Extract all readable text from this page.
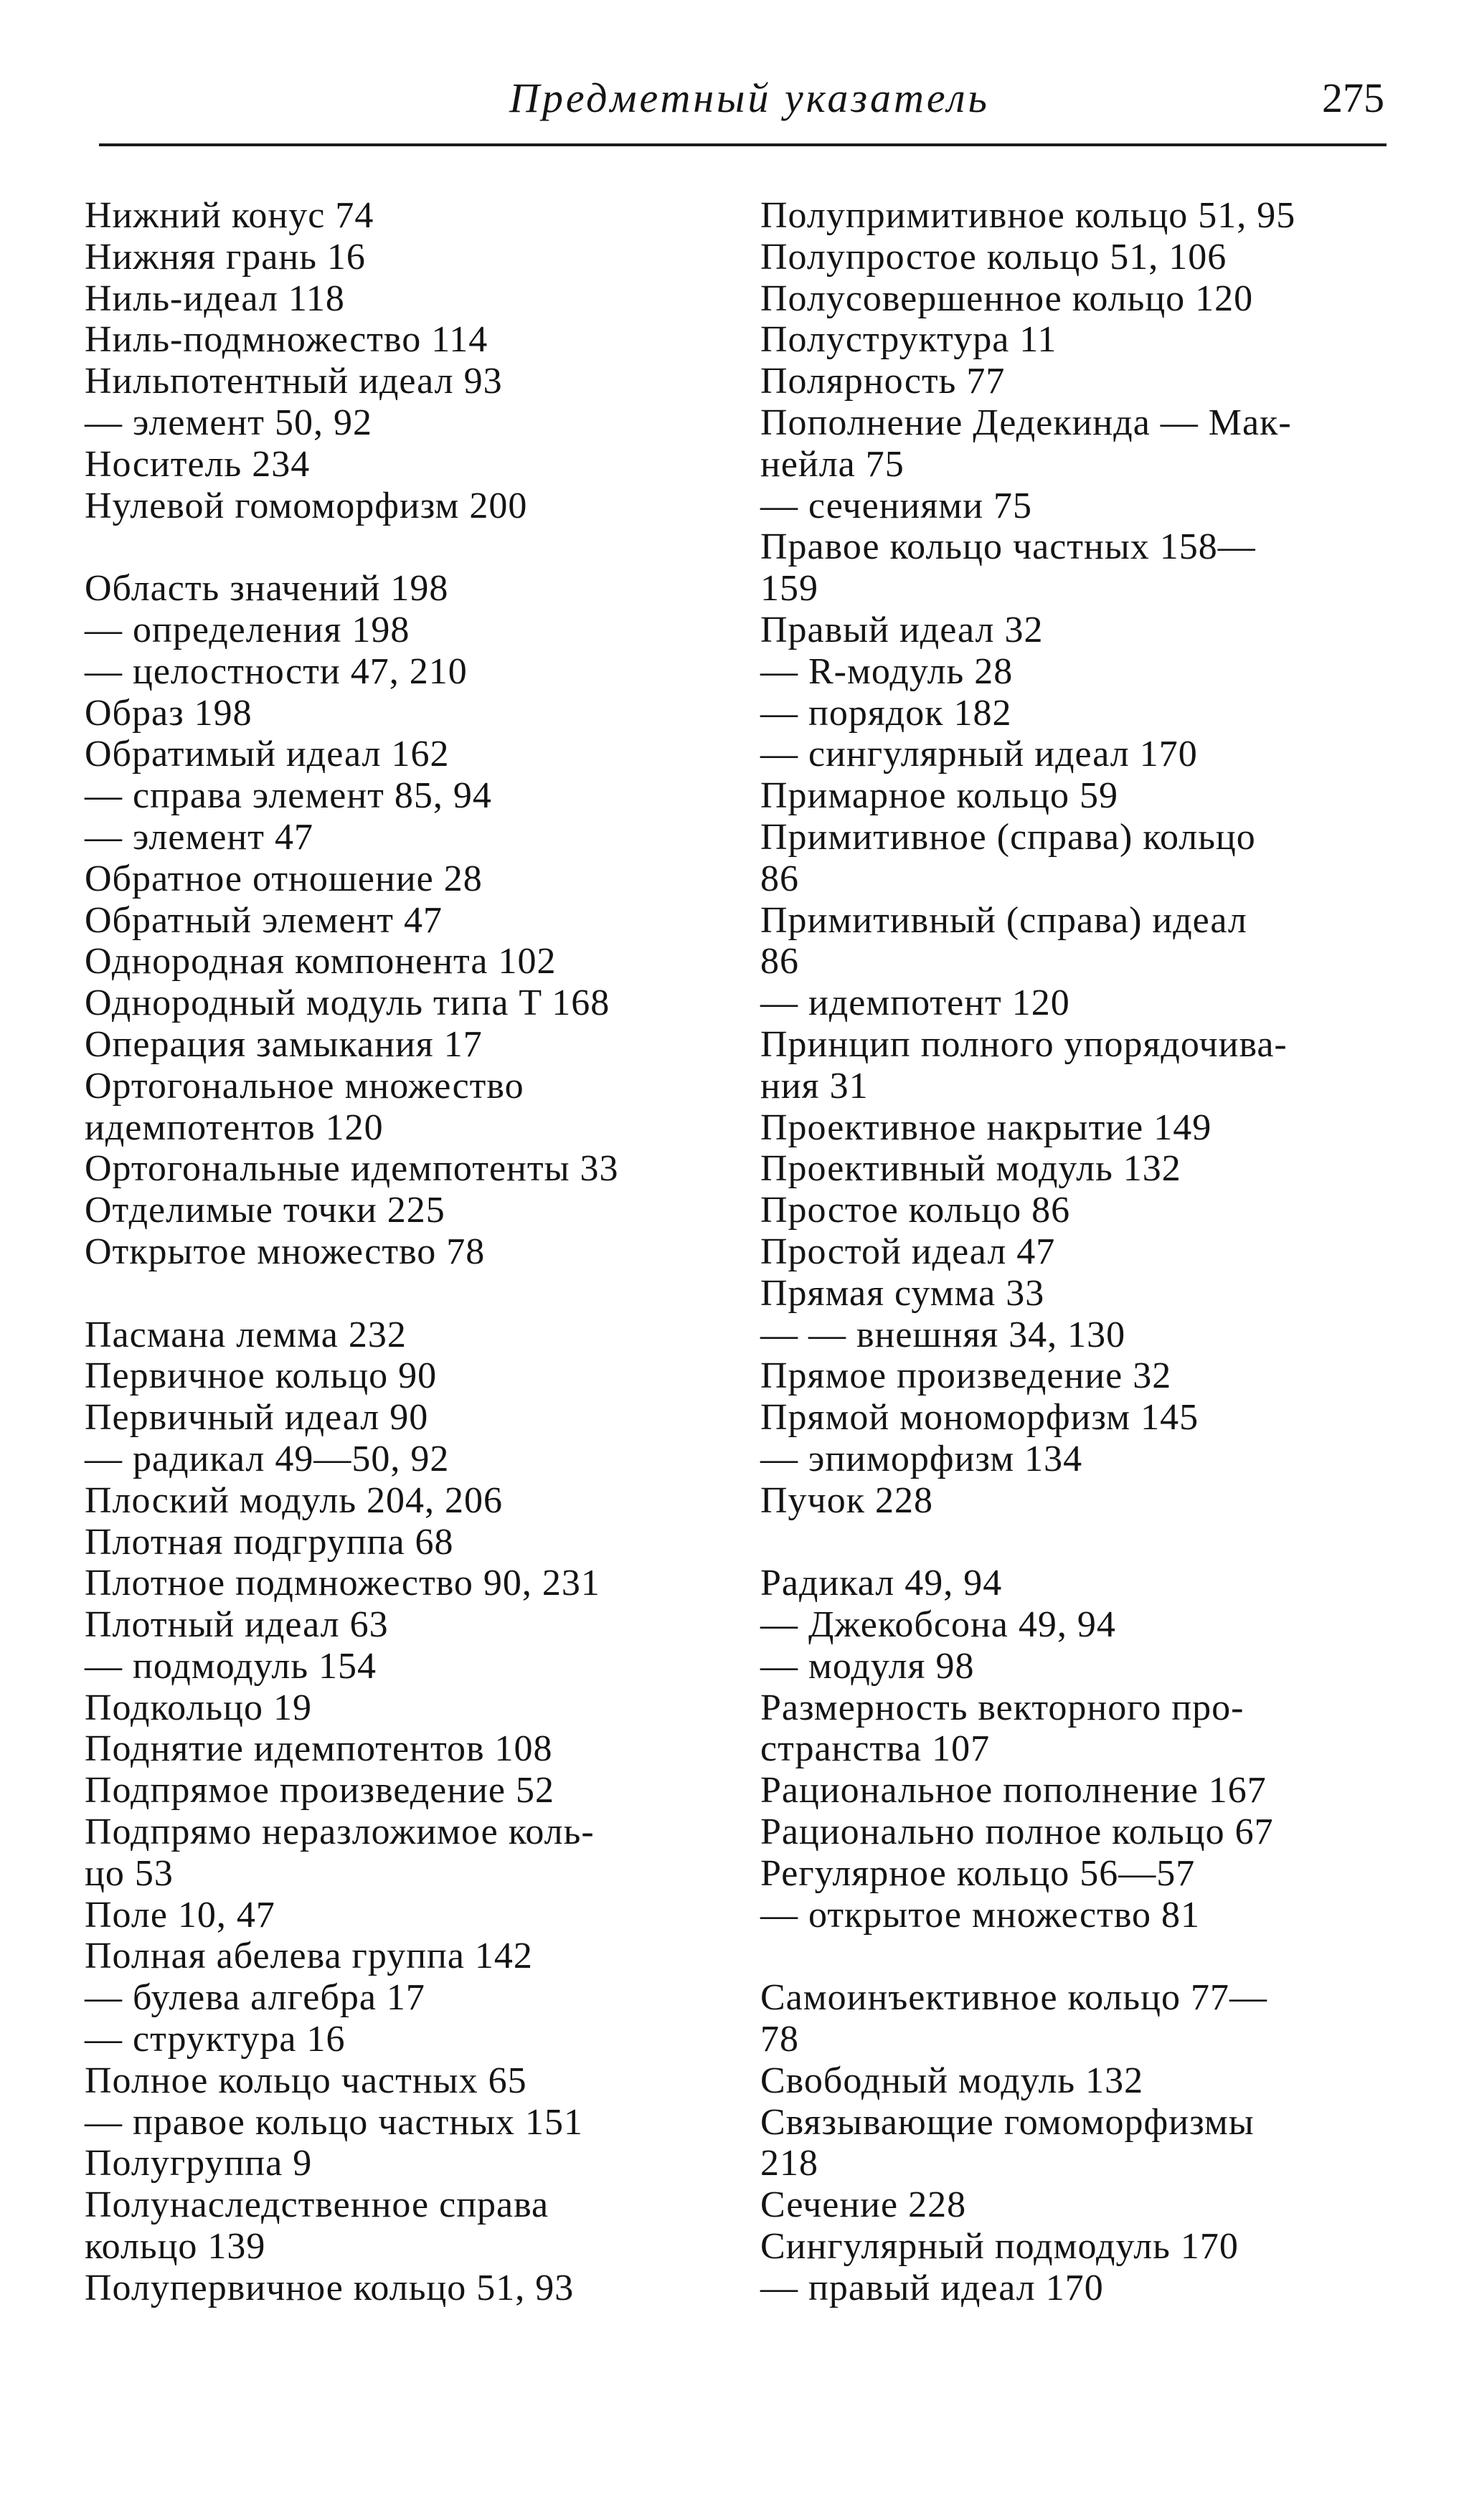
Предметный указатель	275
Нижний конус 74
Нижняя грань 16
Ниль-идеал 118
Ниль-подмножество 114
Нильпотентный идеал 93
— элемент 50, 92
Носитель 234
Нулевой гомоморфизм 200
Область значений 198
— определения 198
— целостности 47, 210
Образ 198
Обратимый идеал 162
— справа элемент 85, 94
— элемент 47
Обратное отношение 28
Обратный элемент 47
Однородная компонента 102
Однородный модуль типа T 168
Операция замыкания 17
Ортогональное множество
идемпотентов 120
Ортогональные идемпотенты 33
Отделимые точки 225
Открытое множество 78
Пасмана лемма 232
Первичное кольцо 90
Первичный идеал 90
— радикал 49—50, 92
Плоский модуль 204, 206
Плотная подгруппа 68
Плотное подмножество 90, 231
Плотный идеал 63
— подмодуль 154
Подкольцо 19
Поднятие идемпотентов 108
Подпрямое произведение 52
Подпрямо неразложимое коль-
цо 53
Поле 10, 47
Полная абелева группа 142
— булева алгебра 17
— структура 16
Полное кольцо частных 65
— правое кольцо частных 151
Полугруппа 9
Полунаследственное справа
кольцо 139
Полупервичное кольцо 51, 93
Полупримитивное кольцо 51, 95
Полупростое кольцо 51, 106
Полусовершенное кольцо 120
Полуструктура 11
Полярность 77
Пополнение Дедекинда — Мак-
нейла 75
— сечениями 75
Правое кольцо частных 158—
159
Правый идеал 32
— R-модуль 28
— порядок 182
— сингулярный идеал 170
Примарное кольцо 59
Примитивное (справа) кольцо
86
Примитивный (справа) идеал
86
— идемпотент 120
Принцип полного упорядочива-
ния 31
Проективное накрытие 149
Проективный модуль 132
Простое кольцо 86
Простой идеал 47
Прямая сумма 33
— — внешняя 34, 130
Прямое произведение 32
Прямой мономорфизм 145
— эпиморфизм 134
Пучок 228
Радикал 49, 94
— Джекобсона 49, 94
— модуля 98
Размерность векторного про-
странства 107
Рациональное пополнение 167
Рационально полное кольцо 67
Регулярное кольцо 56—57
— открытое множество 81
Самоинъективное кольцо 77—
78
Свободный модуль 132
Связывающие гомоморфизмы
218
Сечение 228
Сингулярный подмодуль 170
— правый идеал 170
